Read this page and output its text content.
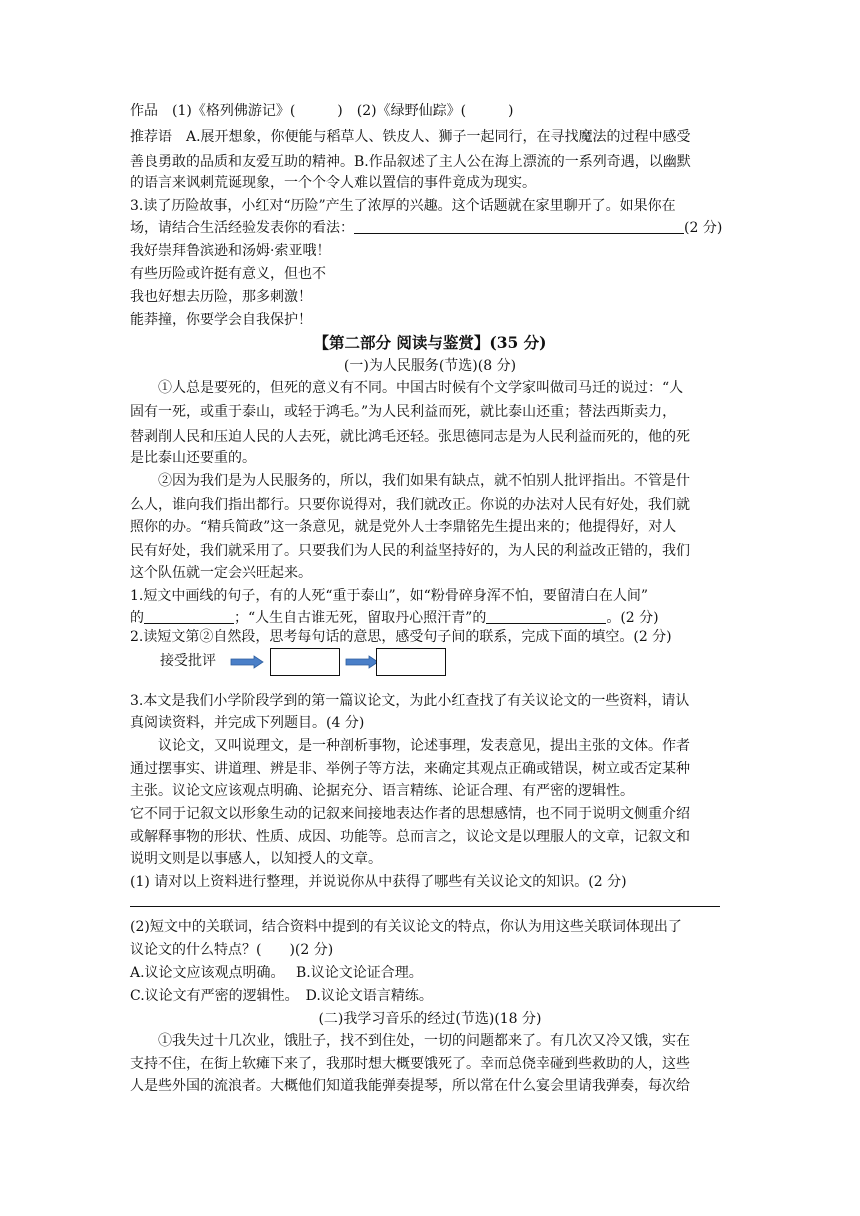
作品　(1)《格列佛游记》(　　　)　(2)《绿野仙踪》(　　　)
推荐语　A.展开想象，你便能与稻草人、铁皮人、狮子一起同行，在寻找魔法的过程中感受
善良勇敢的品质和友爱互助的精神。B.作品叙述了主人公在海上漂流的一系列奇遇，以幽默
的语言来讽刺荒诞现象，一个个令人难以置信的事件竟成为现实。
3.读了历险故事，小红对“历险”产生了浓厚的兴趣。这个话题就在家里聊开了。如果你在
场，请结合生活经验发表你的看法：	(2 分)
我好崇拜鲁滨逊和汤姆·索亚哦！
有些历险或许挺有意义，但也不
我也好想去历险，那多刺激！
能莽撞，你要学会自我保护！
【第二部分 阅读与鉴赏】(35 分)
(一)为人民服务(节选)(8 分)
①人总是要死的，但死的意义有不同。中国古时候有个文学家叫做司马迁的说过：“人
固有一死，或重于泰山，或轻于鸿毛。”为人民利益而死，就比泰山还重；替法西斯卖力，
替剥削人民和压迫人民的人去死，就比鸿毛还轻。张思德同志是为人民利益而死的，他的死
是比泰山还要重的。
②因为我们是为人民服务的，所以，我们如果有缺点，就不怕别人批评指出。不管是什
么人，谁向我们指出都行。只要你说得对，我们就改正。你说的办法对人民有好处，我们就
照你的办。“精兵简政”这一条意见，就是党外人士李鼎铭先生提出来的；他提得好，对人
民有好处，我们就采用了。只要我们为人民的利益坚持好的，为人民的利益改正错的，我们
这个队伍就一定会兴旺起来。
1.短文中画线的句子，有的人死“重于泰山”，如“粉骨碎身浑不怕，要留清白在人间”
的	；“人生自古谁无死，留取丹心照汗青”的	。(2 分)
2.读短文第②自然段，思考每句话的意思，感受句子间的联系，完成下面的填空。(2 分)
接受批评
3.本文是我们小学阶段学到的第一篇议论文，为此小红查找了有关议论文的一些资料，请认
真阅读资料，并完成下列题目。(4 分)
议论文，又叫说理文，是一种剖析事物，论述事理，发表意见，提出主张的文体。作者
通过摆事实、讲道理、辨是非、举例子等方法，来确定其观点正确或错误，树立或否定某种
主张。议论文应该观点明确、论据充分、语言精练、论证合理、有严密的逻辑性。
它不同于记叙文以形象生动的记叙来间接地表达作者的思想感情，也不同于说明文侧重介绍
或解释事物的形状、性质、成因、功能等。总而言之，议论文是以理服人的文章，记叙文和
说明文则是以事感人，以知授人的文章。
(1) 请对以上资料进行整理，并说说你从中获得了哪些有关议论文的知识。(2 分)
(2)短文中的关联词，结合资料中提到的有关议论文的特点，你认为用这些关联词体现出了
议论文的什么特点？(　　)(2 分)
A.议论文应该观点明确。　 B.议论文论证合理。
C.议论文有严密的逻辑性。　D.议论文语言精练。
(二)我学习音乐的经过(节选)(18 分)
①我失过十几次业，饿肚子，找不到住处，一切的问题都来了。有几次又冷又饿，实在
支持不住，在街上软瘫下来了，我那时想大概要饿死了。幸而总侥幸碰到些救助的人，这些
人是些外国的流浪者。大概他们知道我能弹奏提琴，所以常在什么宴会里请我弹奏，每次给
